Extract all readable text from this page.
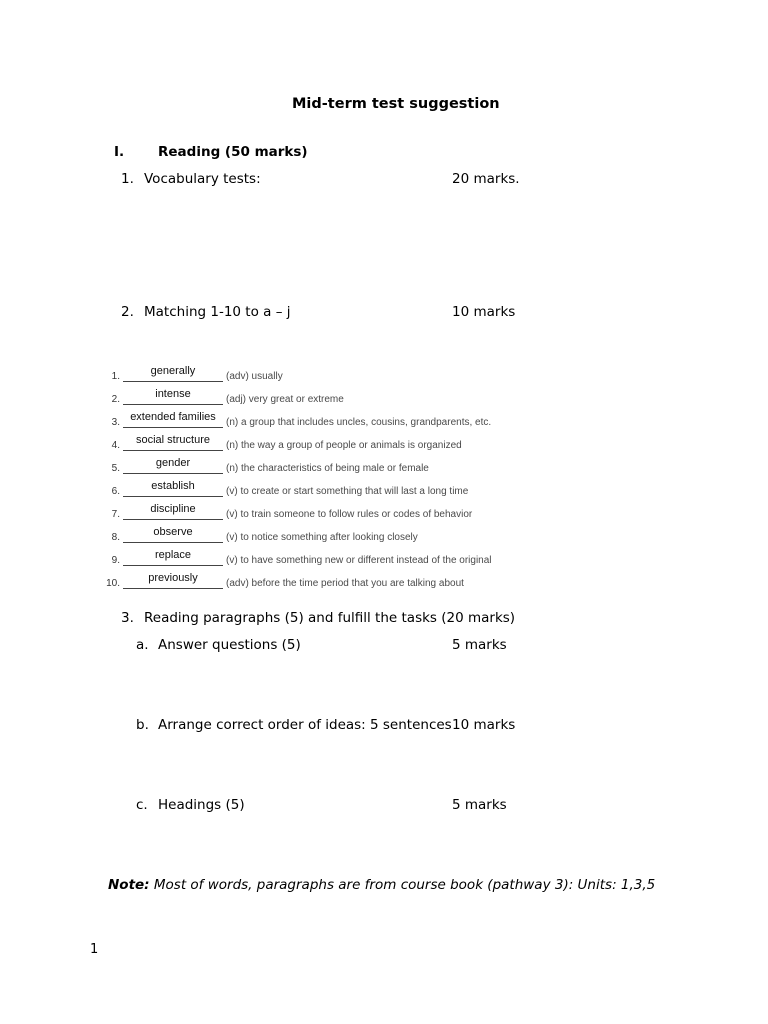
Mid-term test suggestion
I.	Reading (50 marks)
1. Vocabulary tests:	20 marks.
2. Matching 1-10 to a – j	10 marks
1.	generally	(adv) usually
2.	intense	(adj) very great or extreme
3. extended families	(n) a group that includes uncles, cousins, grandparents, etc.
4.	social structure	(n) the way a group of people or animals is organized
5.	gender	(n) the characteristics of being male or female
6.	establish	(v) to create or start something that will last a long time
7.	discipline	(v) to train someone to follow rules or codes of behavior
8.	observe	(v) to notice something after looking closely
9.	replace	(v) to have something new or different instead of the original
10.	previously	(adv) before the time period that you are talking about
3. Reading paragraphs (5) and fulfill the tasks (20 marks)
a. Answer questions (5)	5 marks
b. Arrange correct order of ideas: 5 sentences 10 marks
c. Headings (5)	5 marks
Note: Most of words, paragraphs are from course book (pathway 3): Units: 1,3,5
1
